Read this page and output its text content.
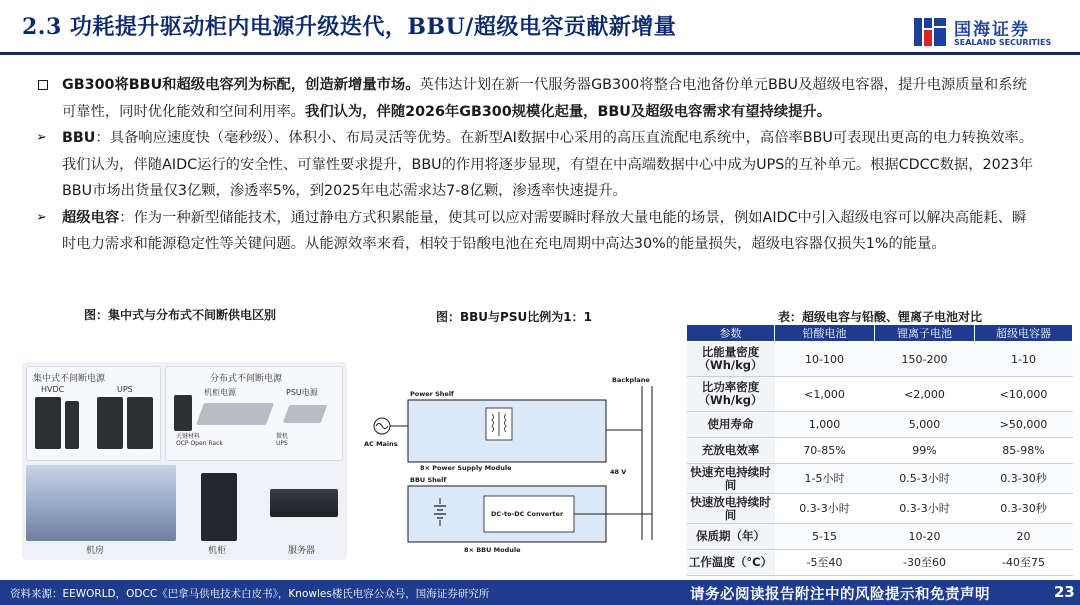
2.3 功耗提升驱动柜内电源升级迭代，BBU/超级电容贡献新增量	国海证券
SEALAND SECURITIES
GB300将BBU和超级电容列为标配，创造新增量市场。英伟达计划在新一代服务器GB300将整合电池备份单元BBU及超级电容器，提升电源质量和系统可靠性，同时优化能效和空间利用率。我们认为，伴随2026年GB300规模化起量，BBU及超级电容需求有望持续提升。
➢	BBU：具备响应速度快（毫秒级）、体积小、布局灵活等优势。在新型AI数据中心采用的高压直流配电系统中，高倍率BBU可表现出更高的电力转换效率。我们认为，伴随AIDC运行的安全性、可靠性要求提升，BBU的作用将逐步显现，有望在中高端数据中心中成为UPS的互补单元。根据CDCC数据，2023年BBU市场出货量仅3亿颗，渗透率5%，到2025年电芯需求达7-8亿颗，渗透率快速提升。
➢	超级电容：作为一种新型储能技术，通过静电方式积累能量，使其可以应对需要瞬时释放大量电能的场景，例如AIDC中引入超级电容可以解决高能耗、瞬时电力需求和能源稳定性等关键问题。从能源效率来看，相较于铅酸电池在充电周期中高达30%的能量损失，超级电容器仅损失1%的能量。
图：集中式与分布式不间断供电区别	图：BBU与PSU比例为1：1	表：超级电容与铅酸、锂离子电池对比
集中式不间断电源
HVDC	UPS
分布式不间断电源
机柜电源	PSU电源
关键材料
OCP Open Rack
微机
UPS
机房	机柜	服务器
Backplane
Power Shelf
8× Power Supply Module
AC Mains
48 V
BBU Shelf
DC-to-DC Converter
8× BBU Module
参数	铅酸电池	锂离子电池	超级电容器
比能量密度
（Wh/kg）	10-100	150-200	1-10
比功率密度
（Wh/kg）	<1,000	<2,000	<10,000
使用寿命	1,000	5,000	>50,000
充放电效率	70-85%	99%	85-98%
快速充电持续时
间	1-5小时	0.5-3小时	0.3-30秒
快速放电持续时
间	0.3-3小时	0.3-3小时	0.3-30秒
保质期（年）	5-15	10-20	20
工作温度（°C）	-5至40	-30至60	-40至75
资料来源：EEWORLD，ODCC《巴拿马供电技术白皮书》，Knowles楼氏电容公众号，国海证券研究所	请务必阅读报告附注中的风险提示和免责声明	23
